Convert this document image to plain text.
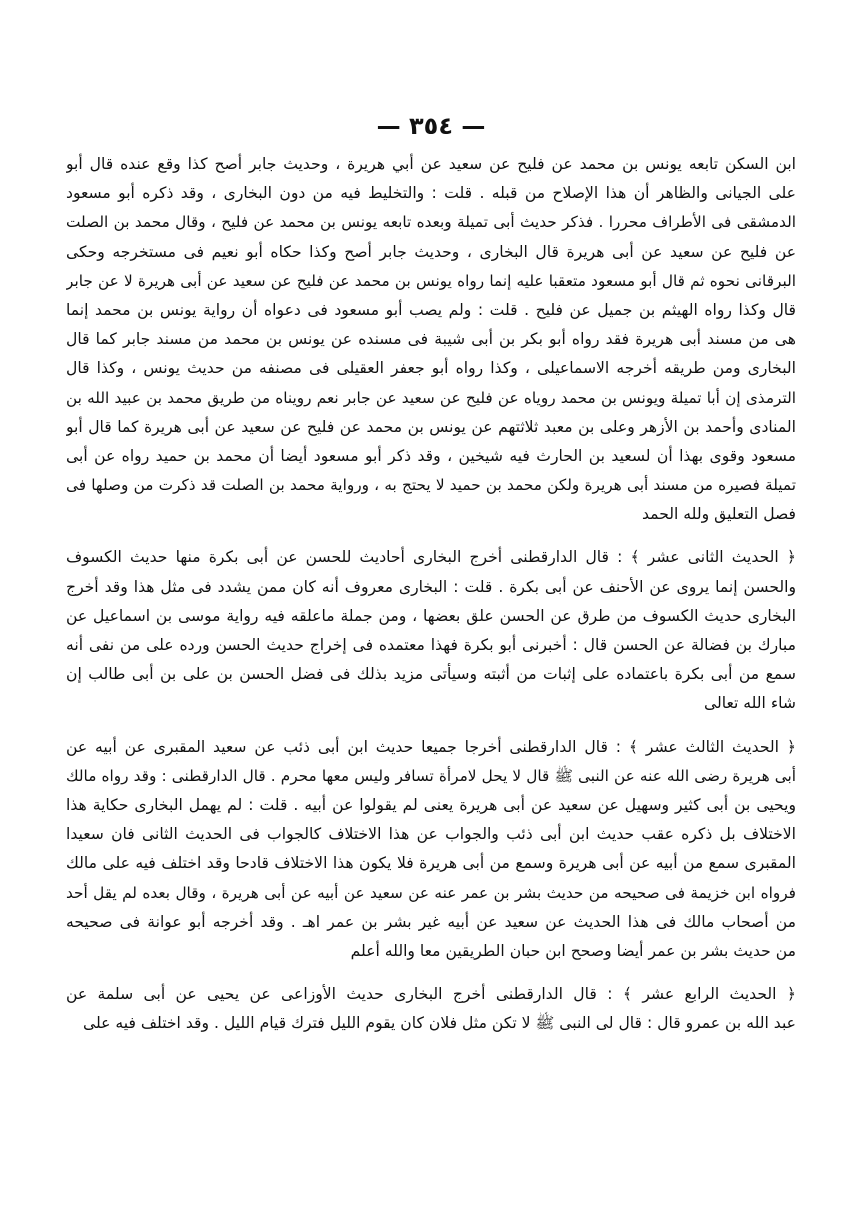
— ٣٥٤ —
ابن السكن تابعه يونس بن محمد عن فليح عن سعيد عن أبي هريرة ، وحديث جابر أصح كذا وقع عنده قال أبو
على الجيانى والظاهر أن هذا الإصلاح من قبله . قلت : والتخليط فيه من دون البخارى ، وقد ذكره أبو مسعود
الدمشقى فى الأطراف محررا . فذكر حديث أبى تميلة وبعده تابعه يونس بن محمد عن فليح ، وقال محمد بن الصلت
عن فليح عن سعيد عن أبى هريرة قال البخارى ، وحديث جابر أصح وكذا حكاه أبو نعيم فى مستخرجه وحكى
البرقانى نحوه ثم قال أبو مسعود متعقبا عليه إنما رواه يونس بن محمد عن فليح عن سعيد عن أبى هريرة لا عن جابر
قال وكذا رواه الهيثم بن جميل عن فليح . قلت : ولم يصب أبو مسعود فى دعواه أن رواية يونس بن محمد إنما
هى من مسند أبى هريرة فقد رواه أبو بكر بن أبى شيبة فى مسنده عن يونس بن محمد من مسند جابر كما قال
البخارى ومن طريقه أخرجه الاسماعيلى ، وكذا رواه أبو جعفر العقيلى فى مصنفه من حديث يونس ، وكذا قال
الترمذى إن أبا تميلة ويونس بن محمد روياه عن فليح عن سعيد عن جابر نعم رويناه من طريق محمد بن عبيد الله بن
المنادى وأحمد بن الأزهر وعلى بن معبد ثلاثتهم عن يونس بن محمد عن فليح عن سعيد عن أبى هريرة كما قال أبو
مسعود وقوى بهذا أن لسعيد بن الحارث فيه شيخين ، وقد ذكر أبو مسعود أيضا أن محمد بن حميد رواه عن أبى
تميلة فصيره من مسند أبى هريرة ولكن محمد بن حميد لا يحتج به ، ورواية محمد بن الصلت قد ذكرت من وصلها فى
فصل التعليق ولله الحمد
﴿ الحديث الثانى عشر ﴾ : قال الدارقطنى أخرج البخارى أحاديث للحسن عن أبى بكرة منها حديث الكسوف
والحسن إنما يروى عن الأحنف عن أبى بكرة . قلت : البخارى معروف أنه كان ممن يشدد فى مثل هذا وقد أخرج
البخارى حديث الكسوف من طرق عن الحسن علق بعضها ، ومن جملة ماعلقه فيه رواية موسى بن اسماعيل عن
مبارك بن فضالة عن الحسن قال : أخبرنى أبو بكرة فهذا معتمده فى إخراج حديث الحسن ورده على من نفى أنه
سمع من أبى بكرة باعتماده على إثبات من أثبته وسيأتى مزيد بذلك فى فضل الحسن بن على بن أبى طالب إن
شاء الله تعالى
﴿ الحديث الثالث عشر ﴾ : قال الدارقطنى أخرجا جميعا حديث ابن أبى ذئب عن سعيد المقبرى عن أبيه عن
أبى هريرة رضى الله عنه عن النبى ﷺ قال لا يحل لامرأة تسافر وليس معها محرم . قال الدارقطنى : وقد رواه مالك
ويحيى بن أبى كثير وسهيل عن سعيد عن أبى هريرة يعنى لم يقولوا عن أبيه . قلت : لم يهمل البخارى حكاية هذا
الاختلاف بل ذكره عقب حديث ابن أبى ذئب والجواب عن هذا الاختلاف كالجواب فى الحديث الثانى فان سعيدا
المقبرى سمع من أبيه عن أبى هريرة وسمع من أبى هريرة فلا يكون هذا الاختلاف قادحا وقد اختلف فيه على مالك
فرواه ابن خزيمة فى صحيحه من حديث بشر بن عمر عنه عن سعيد عن أبيه عن أبى هريرة ، وقال بعده لم يقل أحد
من أصحاب مالك فى هذا الحديث عن سعيد عن أبيه غير بشر بن عمر اهـ . وقد أخرجه أبو عوانة فى صحيحه
من حديث بشر بن عمر أيضا وصحح ابن حبان الطريقين معا والله أعلم
﴿ الحديث الرابع عشر ﴾ : قال الدارقطنى أخرج البخارى حديث الأوزاعى عن يحيى عن أبى سلمة عن
عبد الله بن عمرو قال : قال لى النبى ﷺ لا تكن مثل فلان كان يقوم الليل فترك قيام الليل . وقد اختلف فيه على
